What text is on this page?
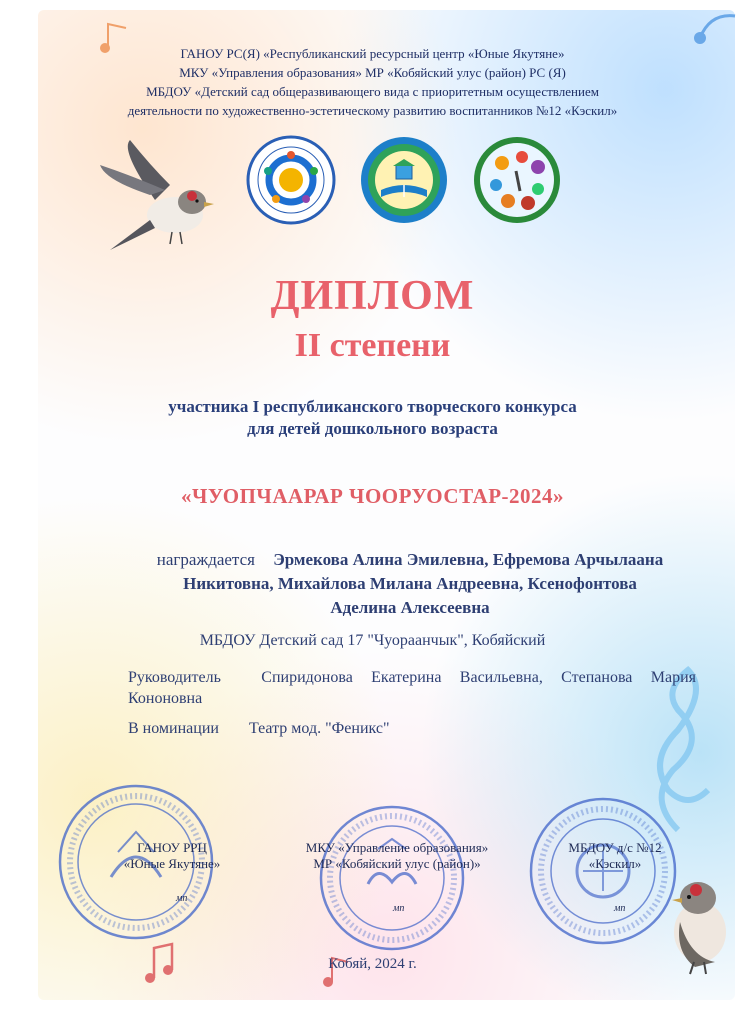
ГАНОУ РС(Я) «Республиканский ресурсный центр «Юные Якутяне»
МКУ «Управления образования» МР «Кобяйский улус (район) РС (Я)
МБДОУ «Детский сад общеразвивающего вида с приоритетным осуществлением
деятельности по художественно-эстетическому развитию воспитанников №12 «Кэскил»
ДИПЛОМ
II степени
участника I республиканского творческого конкурса
для детей дошкольного возраста
«ЧУОПЧААРАР ЧООРУОСТАР-2024»
награждается Эрмекова Алина Эмилевна, Ефремова Арчылаана Никитовна, Михайлова Милана Андреевна, Ксенофонтова Аделина Алексеевна
МБДОУ Детский сад 17 "Чуораанчык", Кобяйский
Руководитель	Спиридонова Екатерина Васильевна, Степанова Мария Кононовна
В номинации Театр мод. "Феникс"
ГАНОУ РРЦ
«Юные Якутяне»
мп
МКУ «Управление образования»
МР «Кобяйский улус (район)»
мп
МБДОУ д/с №12
«Кэскил»
мп
Кобяй, 2024 г.
